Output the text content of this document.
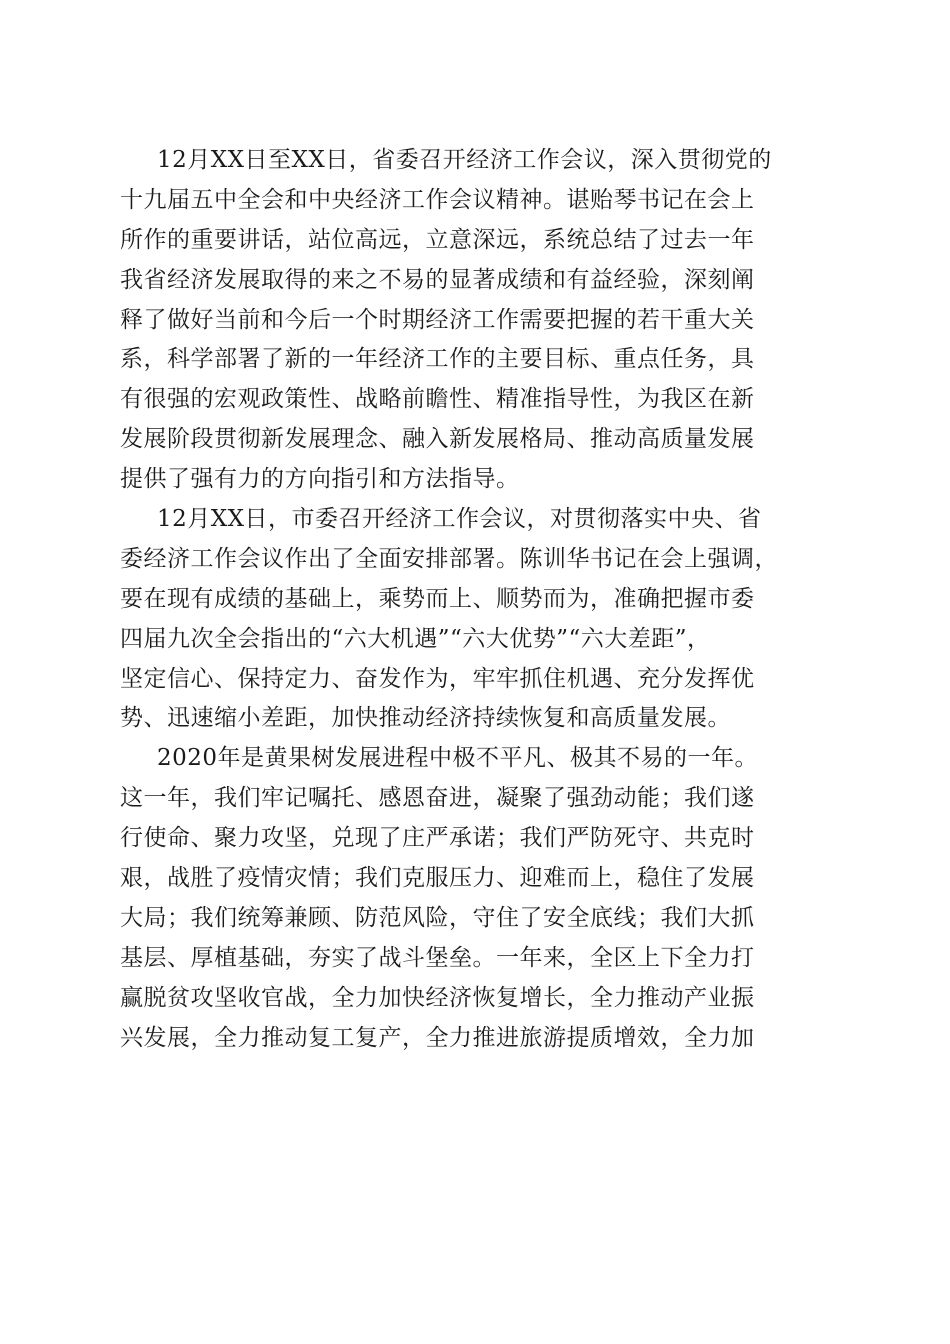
12月XX日至XX日，省委召开经济工作会议，深入贯彻党的
十九届五中全会和中央经济工作会议精神。谌贻琴书记在会上
所作的重要讲话，站位高远，立意深远，系统总结了过去一年
我省经济发展取得的来之不易的显著成绩和有益经验，深刻阐
释了做好当前和今后一个时期经济工作需要把握的若干重大关
系，科学部署了新的一年经济工作的主要目标、重点任务，具
有很强的宏观政策性、战略前瞻性、精准指导性，为我区在新
发展阶段贯彻新发展理念、融入新发展格局、推动高质量发展
提供了强有力的方向指引和方法指导。
12月XX日，市委召开经济工作会议，对贯彻落实中央、省
委经济工作会议作出了全面安排部署。陈训华书记在会上强调，
要在现有成绩的基础上，乘势而上、顺势而为，准确把握市委
四届九次全会指出的“六大机遇”“六大优势”“六大差距”，
坚定信心、保持定力、奋发作为，牢牢抓住机遇、充分发挥优
势、迅速缩小差距，加快推动经济持续恢复和高质量发展。
2020年是黄果树发展进程中极不平凡、极其不易的一年。
这一年，我们牢记嘱托、感恩奋进，凝聚了强劲动能；我们遂
行使命、聚力攻坚，兑现了庄严承诺；我们严防死守、共克时
艰，战胜了疫情灾情；我们克服压力、迎难而上，稳住了发展
大局；我们统筹兼顾、防范风险，守住了安全底线；我们大抓
基层、厚植基础，夯实了战斗堡垒。一年来，全区上下全力打
赢脱贫攻坚收官战，全力加快经济恢复增长，全力推动产业振
兴发展，全力推动复工复产，全力推进旅游提质增效，全力加
